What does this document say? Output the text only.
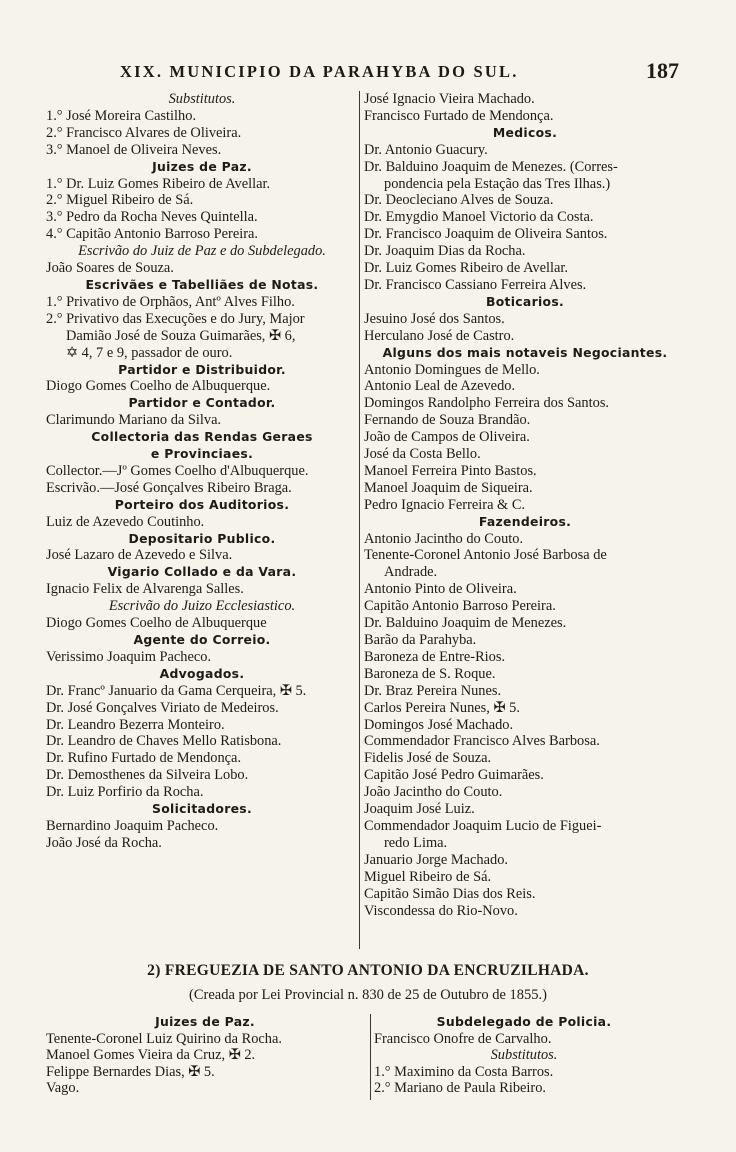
XIX. MUNICIPIO DA PARAHYBA DO SUL.	187
Substitutos.
1.° José Moreira Castilho.
2.° Francisco Alvares de Oliveira.
3.° Manoel de Oliveira Neves.
Juizes de Paz.
1.° Dr. Luiz Gomes Ribeiro de Avellar.
2.° Miguel Ribeiro de Sá.
3.° Pedro da Rocha Neves Quintella.
4.° Capitão Antonio Barroso Pereira.
Escrivão do Juiz de Paz e do Subdelegado.
João Soares de Souza.
Escrivães e Tabelliães de Notas.
1.° Privativo de Orphãos, Antº Alves Filho.
2.° Privativo das Execuções e do Jury, Major
Damião José de Souza Guimarães, ✠ 6,
✡ 4, 7 e 9, passador de ouro.
Partidor e Distribuidor.
Diogo Gomes Coelho de Albuquerque.
Partidor e Contador.
Clarimundo Mariano da Silva.
Collectoria das Rendas Geraes
e Provinciaes.
Collector.—Jº Gomes Coelho d'Albuquerque.
Escrivão.—José Gonçalves Ribeiro Braga.
Porteiro dos Auditorios.
Luiz de Azevedo Coutinho.
Depositario Publico.
José Lazaro de Azevedo e Silva.
Vigario Collado e da Vara.
Ignacio Felix de Alvarenga Salles.
Escrivão do Juizo Ecclesiastico.
Diogo Gomes Coelho de Albuquerque
Agente do Correio.
Verissimo Joaquim Pacheco.
Advogados.
Dr. Francº Januario da Gama Cerqueira, ✠ 5.
Dr. José Gonçalves Viriato de Medeiros.
Dr. Leandro Bezerra Monteiro.
Dr. Leandro de Chaves Mello Ratisbona.
Dr. Rufino Furtado de Mendonça.
Dr. Demosthenes da Silveira Lobo.
Dr. Luiz Porfirio da Rocha.
Solicitadores.
Bernardino Joaquim Pacheco.
João José da Rocha.
José Ignacio Vieira Machado.
Francisco Furtado de Mendonça.
Medicos.
Dr. Antonio Guacury.
Dr. Balduino Joaquim de Menezes. (Corres-
pondencia pela Estação das Tres Ilhas.)
Dr. Deocleciano Alves de Souza.
Dr. Emygdio Manoel Victorio da Costa.
Dr. Francisco Joaquim de Oliveira Santos.
Dr. Joaquim Dias da Rocha.
Dr. Luiz Gomes Ribeiro de Avellar.
Dr. Francisco Cassiano Ferreira Alves.
Boticarios.
Jesuino José dos Santos.
Herculano José de Castro.
Alguns dos mais notaveis Negociantes.
Antonio Domingues de Mello.
Antonio Leal de Azevedo.
Domingos Randolpho Ferreira dos Santos.
Fernando de Souza Brandão.
João de Campos de Oliveira.
José da Costa Bello.
Manoel Ferreira Pinto Bastos.
Manoel Joaquim de Siqueira.
Pedro Ignacio Ferreira & C.
Fazendeiros.
Antonio Jacintho do Couto.
Tenente-Coronel Antonio José Barbosa de
Andrade.
Antonio Pinto de Oliveira.
Capitão Antonio Barroso Pereira.
Dr. Balduino Joaquim de Menezes.
Barão da Parahyba.
Baroneza de Entre-Rios.
Baroneza de S. Roque.
Dr. Braz Pereira Nunes.
Carlos Pereira Nunes, ✠ 5.
Domingos José Machado.
Commendador Francisco Alves Barbosa.
Fidelis José de Souza.
Capitão José Pedro Guimarães.
João Jacintho do Couto.
Joaquim José Luiz.
Commendador Joaquim Lucio de Figuei-
redo Lima.
Januario Jorge Machado.
Miguel Ribeiro de Sá.
Capitão Simão Dias dos Reis.
Viscondessa do Rio-Novo.
2) FREGUEZIA DE SANTO ANTONIO DA ENCRUZILHADA.
(Creada por Lei Provincial n. 830 de 25 de Outubro de 1855.)
Juizes de Paz.
Tenente-Coronel Luiz Quirino da Rocha.
Manoel Gomes Vieira da Cruz, ✠ 2.
Felippe Bernardes Dias, ✠ 5.
Vago.
Subdelegado de Policia.
Francisco Onofre de Carvalho.
Substitutos.
1.° Maximino da Costa Barros.
2.° Mariano de Paula Ribeiro.
